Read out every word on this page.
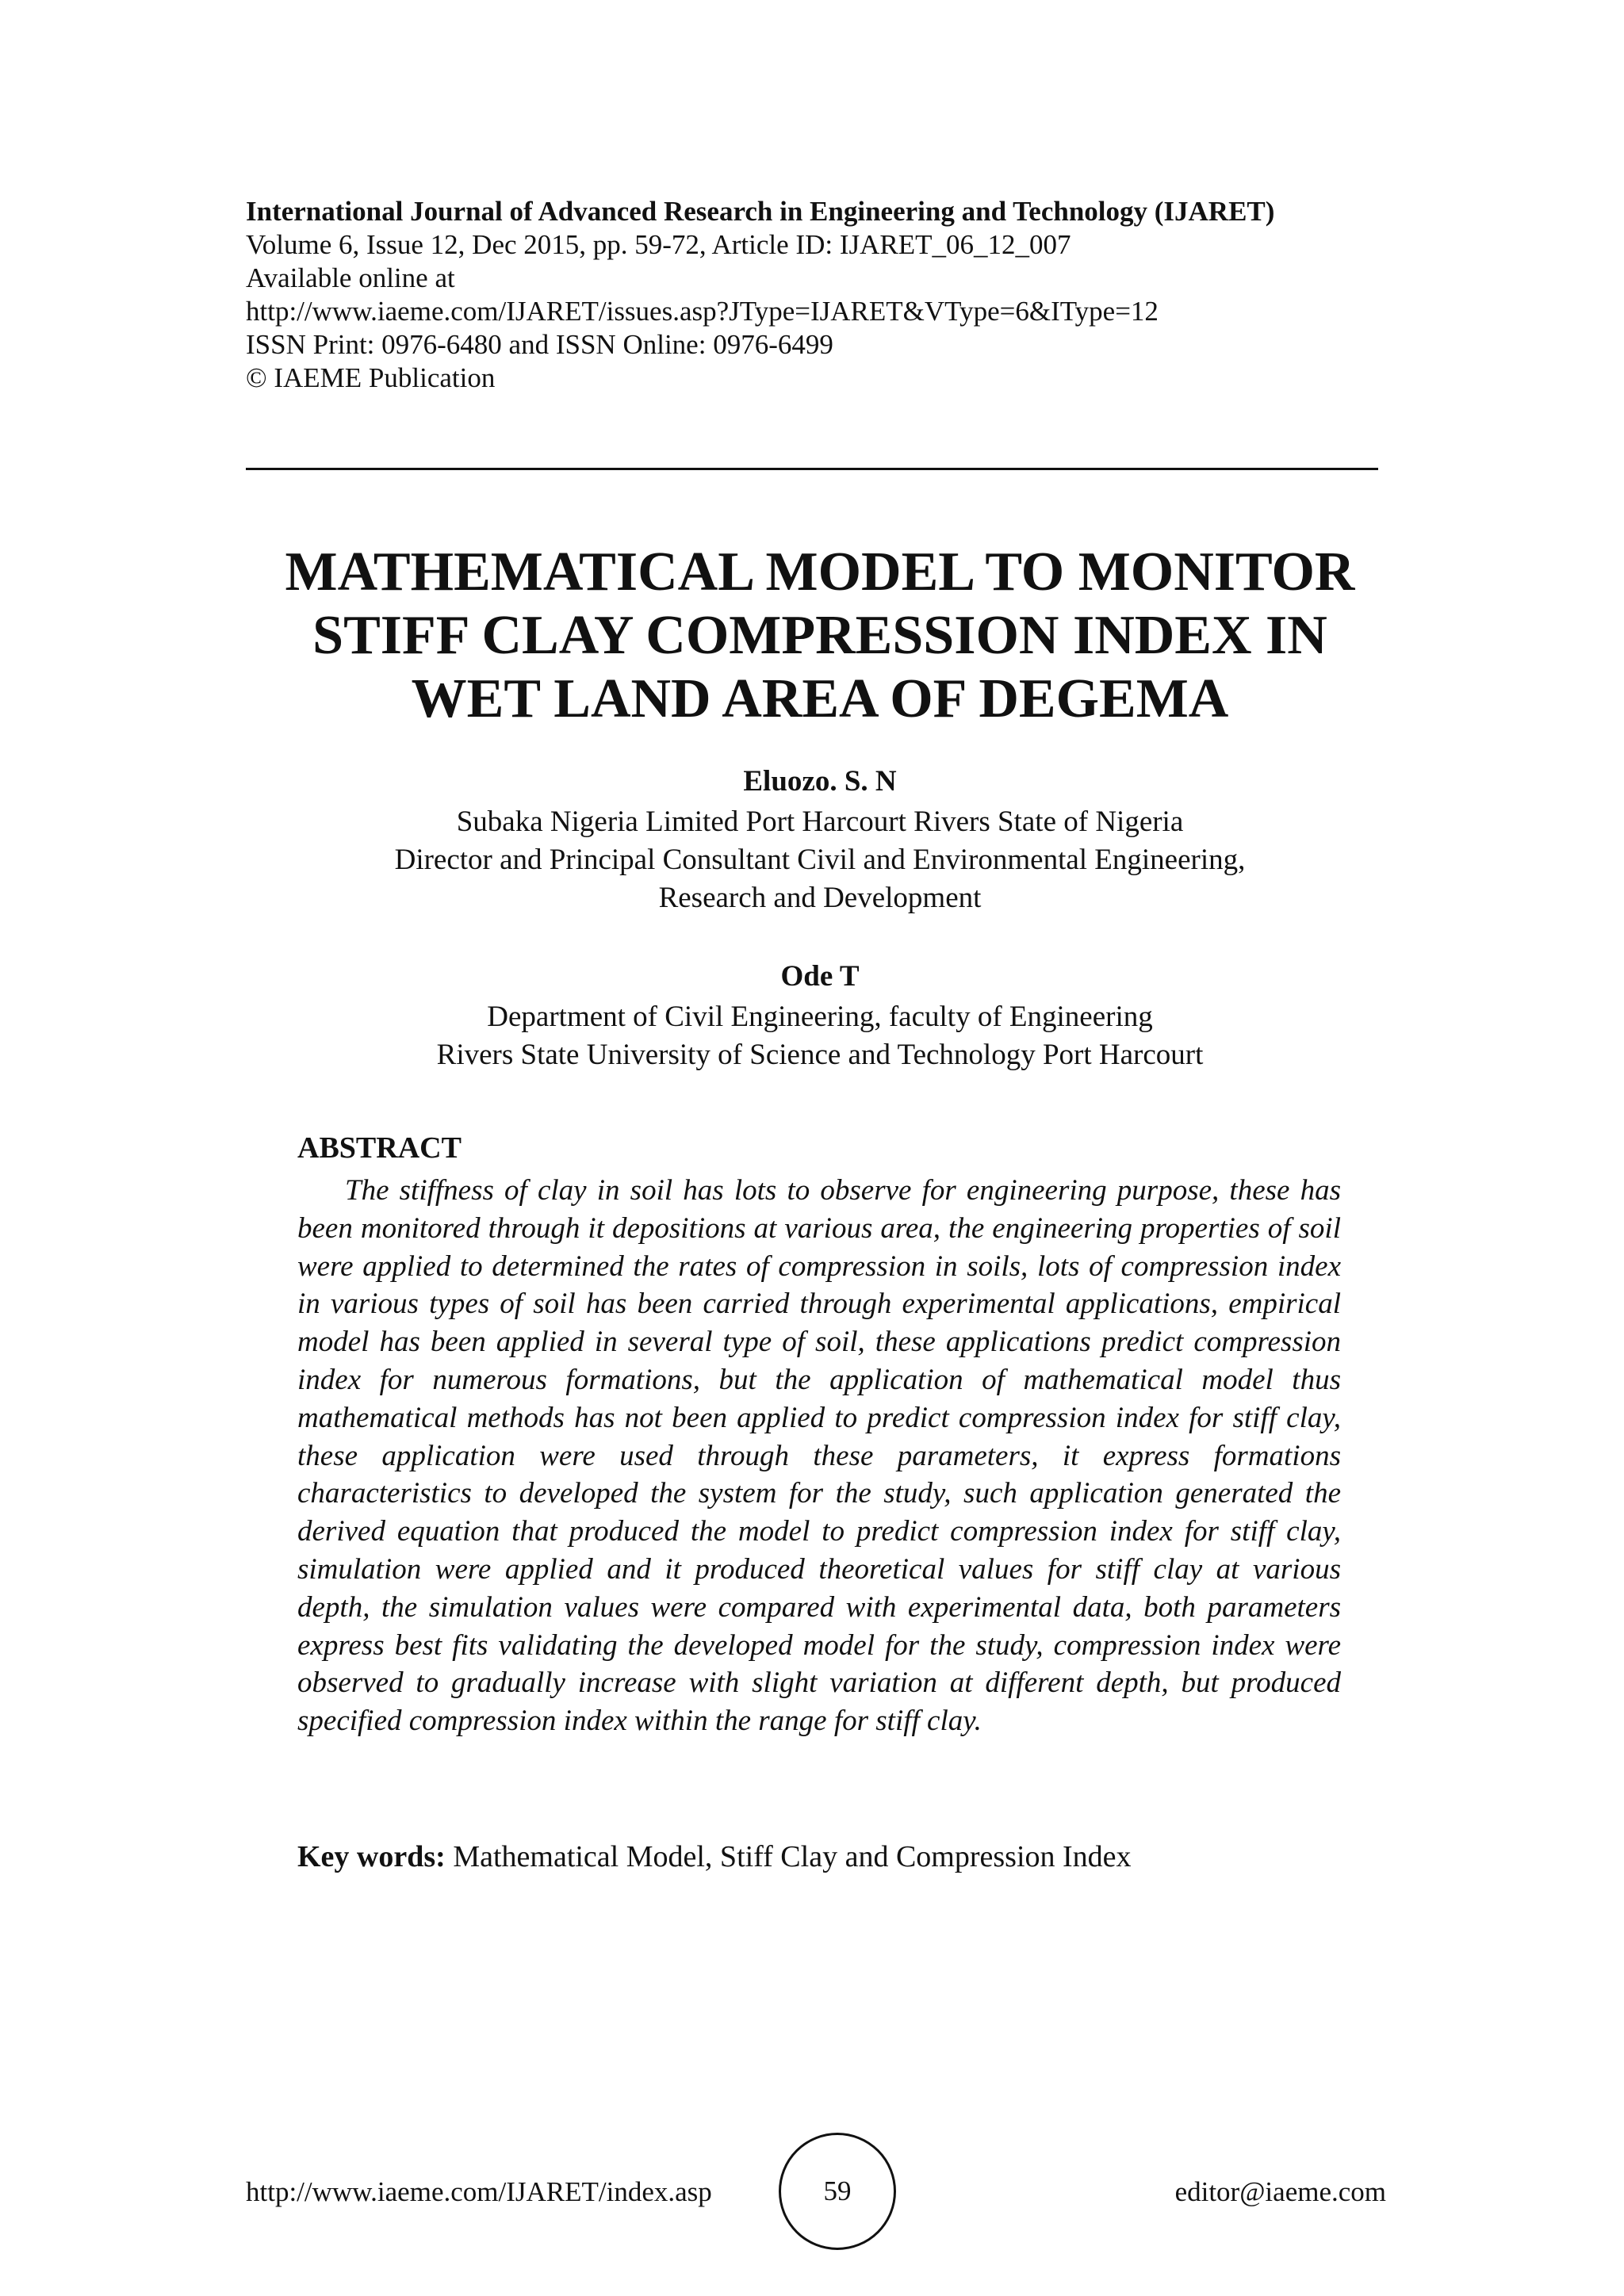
International Journal of Advanced Research in Engineering and Technology (IJARET)
Volume 6, Issue 12, Dec 2015, pp. 59-72, Article ID: IJARET_06_12_007
Available online at
http://www.iaeme.com/IJARET/issues.asp?JType=IJARET&VType=6&IType=12
ISSN Print: 0976-6480 and ISSN Online: 0976-6499
© IAEME Publication
MATHEMATICAL MODEL TO MONITOR
STIFF CLAY COMPRESSION INDEX IN
WET LAND AREA OF DEGEMA
Eluozo. S. N
Subaka Nigeria Limited Port Harcourt Rivers State of Nigeria
Director and Principal Consultant Civil and Environmental Engineering,
Research and Development
Ode T
Department of Civil Engineering, faculty of Engineering
Rivers State University of Science and Technology Port Harcourt
ABSTRACT

The stiffness of clay in soil has lots to observe for engineering purpose, these has been monitored through it depositions at various area, the engineering properties of soil were applied to determined the rates of compression in soils, lots of compression index in various types of soil has been carried through experimental applications, empirical model has been applied in several type of soil, these applications predict compression index for numerous formations, but the application of mathematical model thus mathematical methods has not been applied to predict compression index for stiff clay, these application were used through these parameters, it express formations characteristics to developed the system for the study, such application generated the derived equation that produced the model to predict compression index for stiff clay, simulation were applied and it produced theoretical values for stiff clay at various depth, the simulation values were compared with experimental data, both parameters express best fits validating the developed model for the study, compression index were observed to gradually increase with slight variation at different depth, but produced specified compression index within the range for stiff clay.

Key words: Mathematical Model, Stiff Clay and Compression Index
http://www.iaeme.com/IJARET/index.asp	59	editor@iaeme.com
